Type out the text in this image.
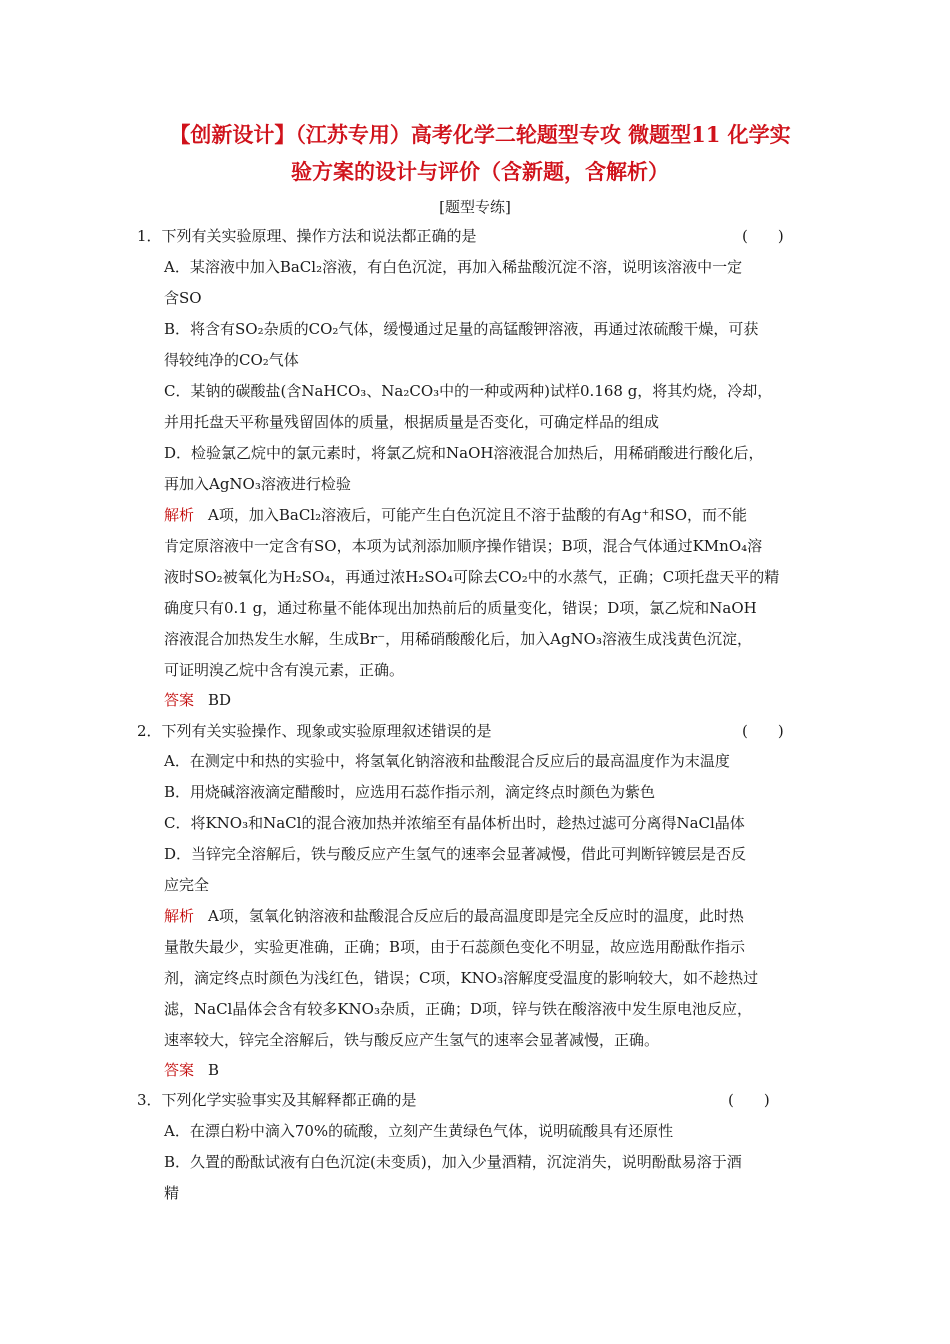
【创新设计】（江苏专用）高考化学二轮题型专攻 微题型11 化学实
验方案的设计与评价（含新题，含解析）
[题型专练]
1．下列有关实验原理、操作方法和说法都正确的是	(　　)
A．某溶液中加入BaCl₂溶液，有白色沉淀，再加入稀盐酸沉淀不溶，说明该溶液中一定
含SO
B．将含有SO₂杂质的CO₂气体，缓慢通过足量的高锰酸钾溶液，再通过浓硫酸干燥，可获
得较纯净的CO₂气体
C．某钠的碳酸盐(含NaHCO₃、Na₂CO₃中的一种或两种)试样0.168 g，将其灼烧，冷却，
并用托盘天平称量残留固体的质量，根据质量是否变化，可确定样品的组成
D．检验氯乙烷中的氯元素时，将氯乙烷和NaOH溶液混合加热后，用稀硝酸进行酸化后，
再加入AgNO₃溶液进行检验
解析 A项，加入BaCl₂溶液后，可能产生白色沉淀且不溶于盐酸的有Ag⁺和SO，而不能
肯定原溶液中一定含有SO，本项为试剂添加顺序操作错误；B项，混合气体通过KMnO₄溶
液时SO₂被氧化为H₂SO₄，再通过浓H₂SO₄可除去CO₂中的水蒸气，正确；C项托盘天平的精
确度只有0.1 g，通过称量不能体现出加热前后的质量变化，错误；D项，氯乙烷和NaOH
溶液混合加热发生水解，生成Br⁻，用稀硝酸酸化后，加入AgNO₃溶液生成浅黄色沉淀，
可证明溴乙烷中含有溴元素，正确。
答案 BD
2．下列有关实验操作、现象或实验原理叙述错误的是	(　　)
A．在测定中和热的实验中，将氢氧化钠溶液和盐酸混合反应后的最高温度作为末温度
B．用烧碱溶液滴定醋酸时，应选用石蕊作指示剂，滴定终点时颜色为紫色
C．将KNO₃和NaCl的混合液加热并浓缩至有晶体析出时，趁热过滤可分离得NaCl晶体
D．当锌完全溶解后，铁与酸反应产生氢气的速率会显著减慢，借此可判断锌镀层是否反
应完全
解析 A项，氢氧化钠溶液和盐酸混合反应后的最高温度即是完全反应时的温度，此时热
量散失最少，实验更准确，正确；B项，由于石蕊颜色变化不明显，故应选用酚酞作指示
剂，滴定终点时颜色为浅红色，错误；C项，KNO₃溶解度受温度的影响较大，如不趁热过
滤，NaCl晶体会含有较多KNO₃杂质，正确；D项，锌与铁在酸溶液中发生原电池反应，
速率较大，锌完全溶解后，铁与酸反应产生氢气的速率会显著减慢，正确。
答案 B
3．下列化学实验事实及其解释都正确的是	(　　)
A．在漂白粉中滴入70%的硫酸，立刻产生黄绿色气体，说明硫酸具有还原性
B．久置的酚酞试液有白色沉淀(未变质)，加入少量酒精，沉淀消失，说明酚酞易溶于酒
精
